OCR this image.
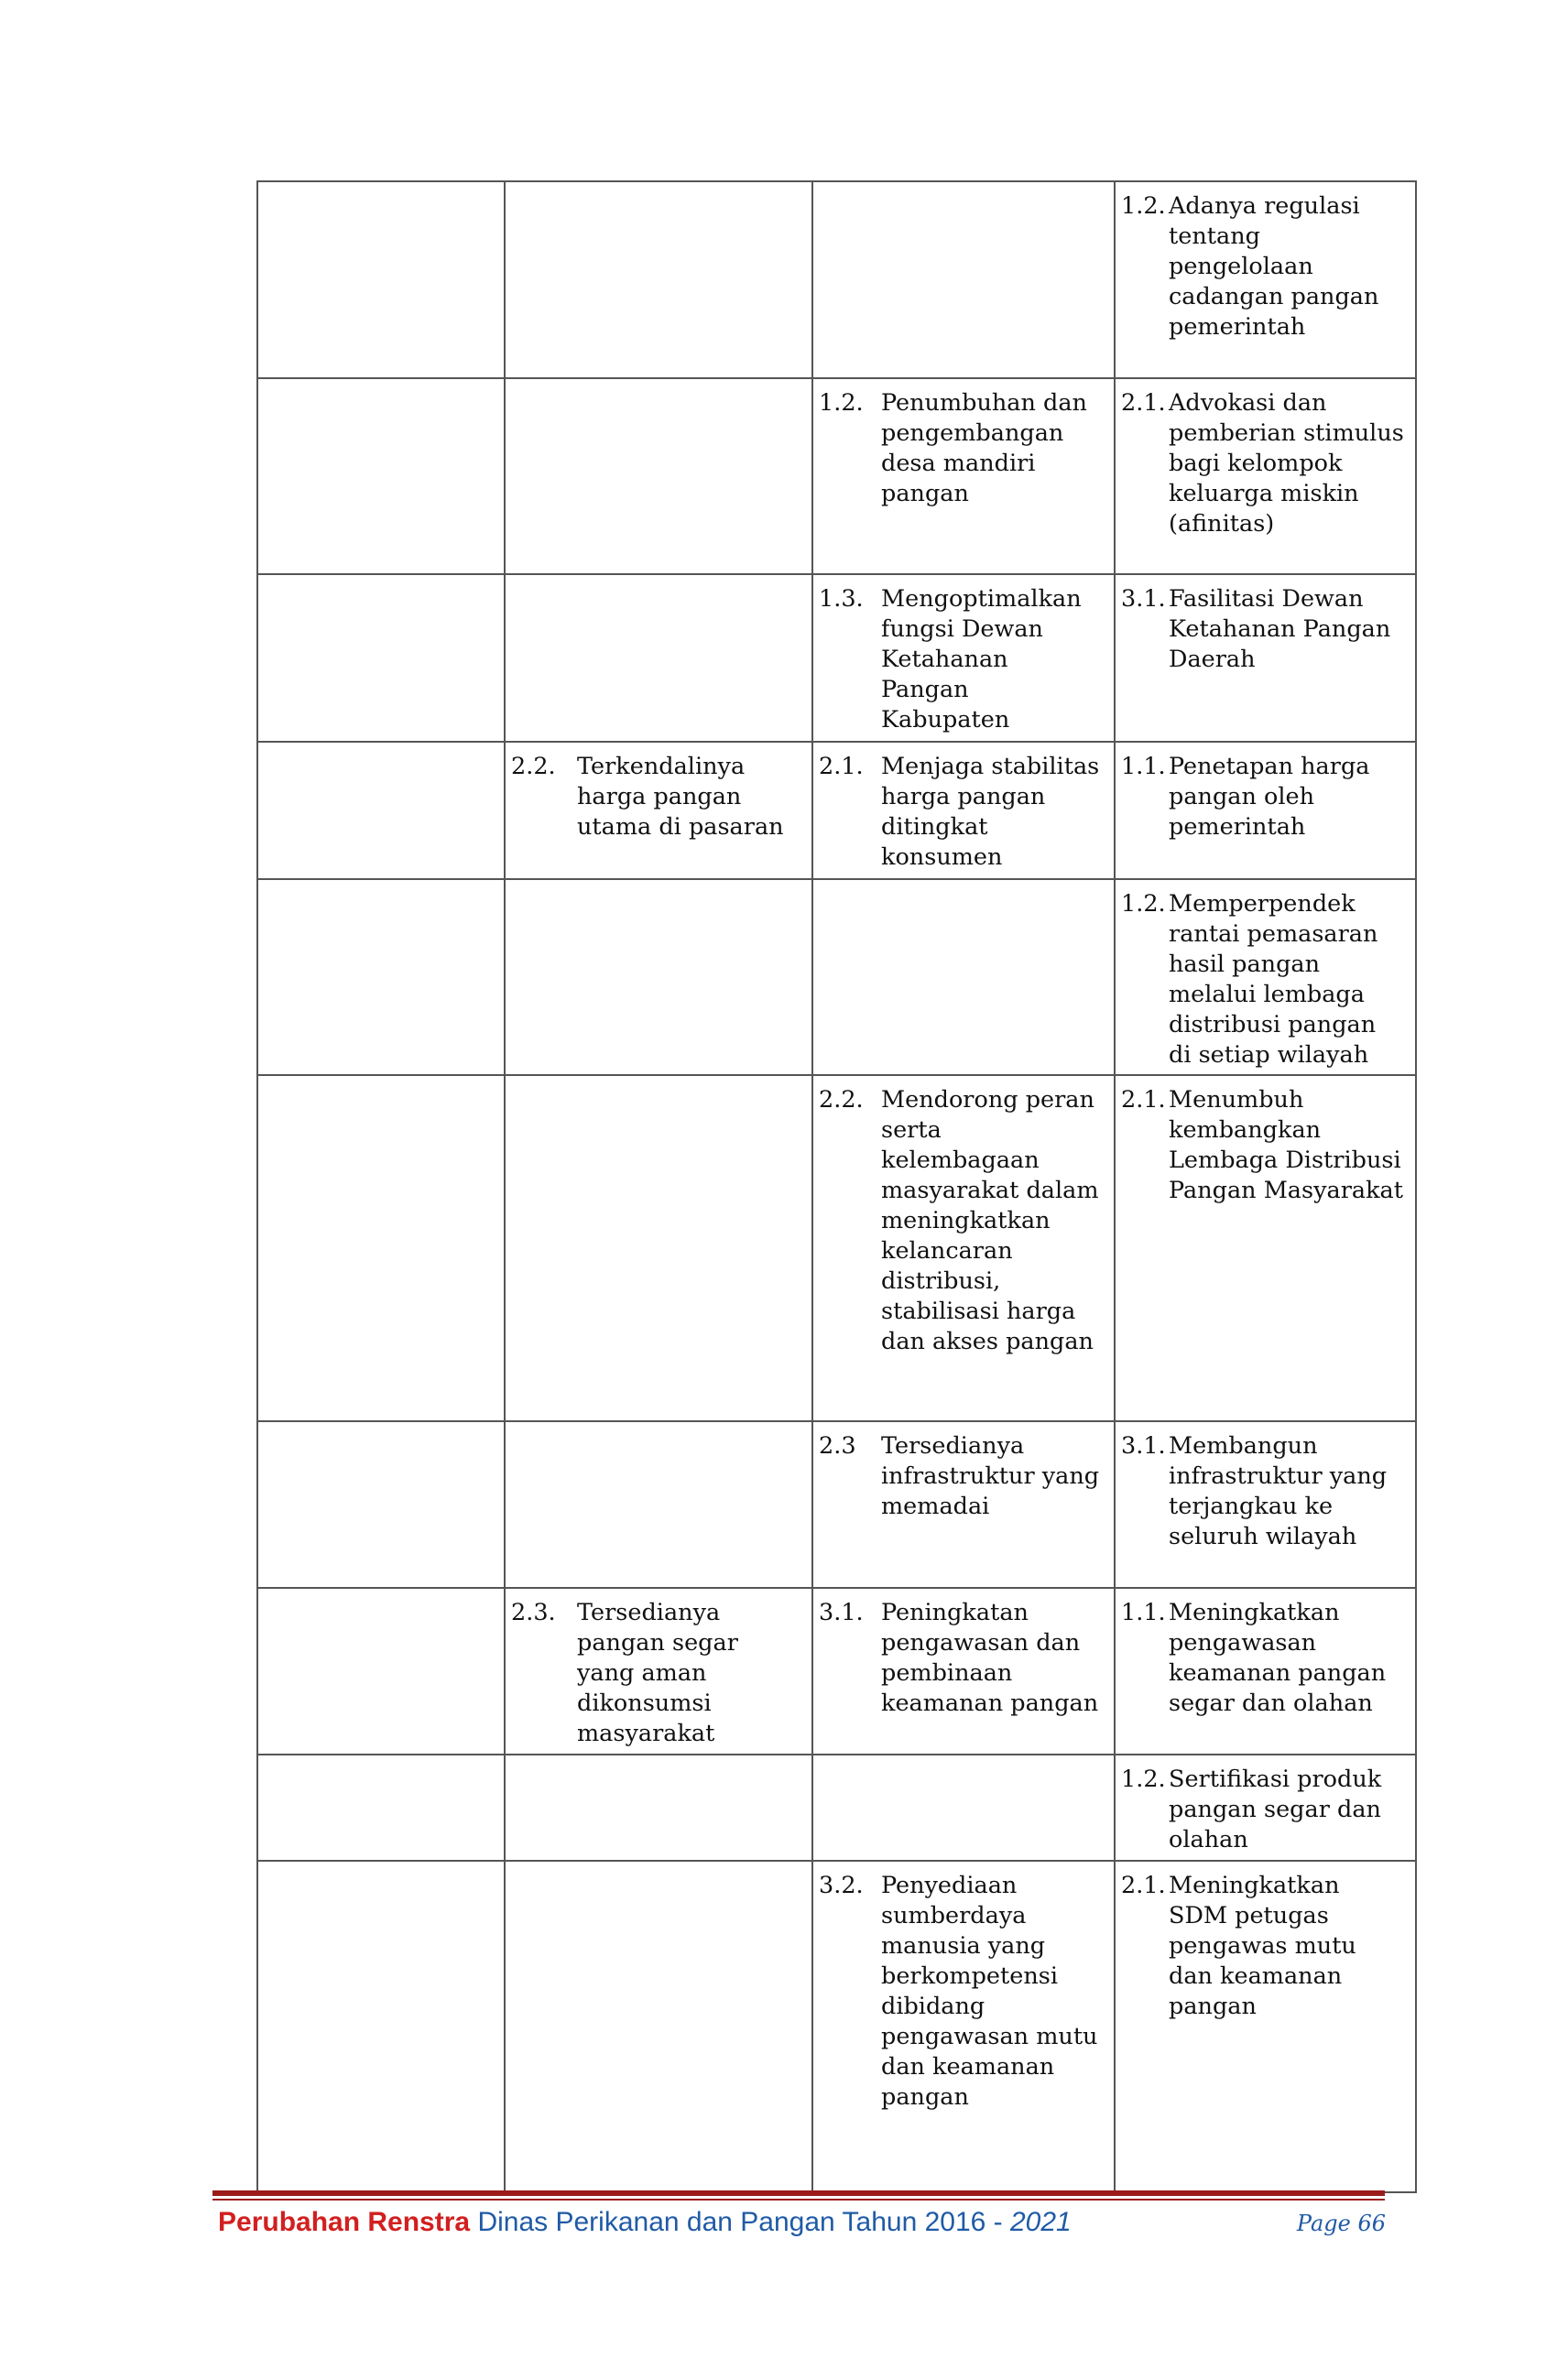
			1.2. Adanya regulasi tentang pengelolaan cadangan pangan pemerintah

		1.2. Penumbuhan dan pengembangan desa mandiri pangan	2.1. Advokasi dan pemberian stimulus bagi kelompok keluarga miskin (afinitas)

		1.3. Mengoptimalkan fungsi Dewan Ketahanan Pangan Kabupaten	3.1. Fasilitasi Dewan Ketahanan Pangan Daerah

	2.2. Terkendalinya harga pangan utama di pasaran	2.1. Menjaga stabilitas harga pangan ditingkat konsumen	1.1. Penetapan harga pangan oleh pemerintah

			1.2. Memperpendek rantai pemasaran hasil pangan melalui lembaga distribusi pangan di setiap wilayah

		2.2. Mendorong peran serta kelembagaan masyarakat dalam meningkatkan kelancaran distribusi, stabilisasi harga dan akses pangan	2.1. Menumbuh kembangkan Lembaga Distribusi Pangan Masyarakat

		2.3 Tersedianya infrastruktur yang memadai	3.1. Membangun infrastruktur yang terjangkau ke seluruh wilayah

	2.3. Tersedianya pangan segar yang aman dikonsumsi masyarakat	3.1. Peningkatan pengawasan dan pembinaan keamanan pangan	1.1. Meningkatkan pengawasan keamanan pangan segar dan olahan

			1.2. Sertifikasi produk pangan segar dan olahan

		3.2. Penyediaan sumberdaya manusia yang berkompetensi dibidang pengawasan mutu dan keamanan pangan	2.1. Meningkatkan SDM petugas pengawas mutu dan keamanan pangan
Perubahan Renstra Dinas Perikanan dan Pangan Tahun 2016 - 2021	Page 66
